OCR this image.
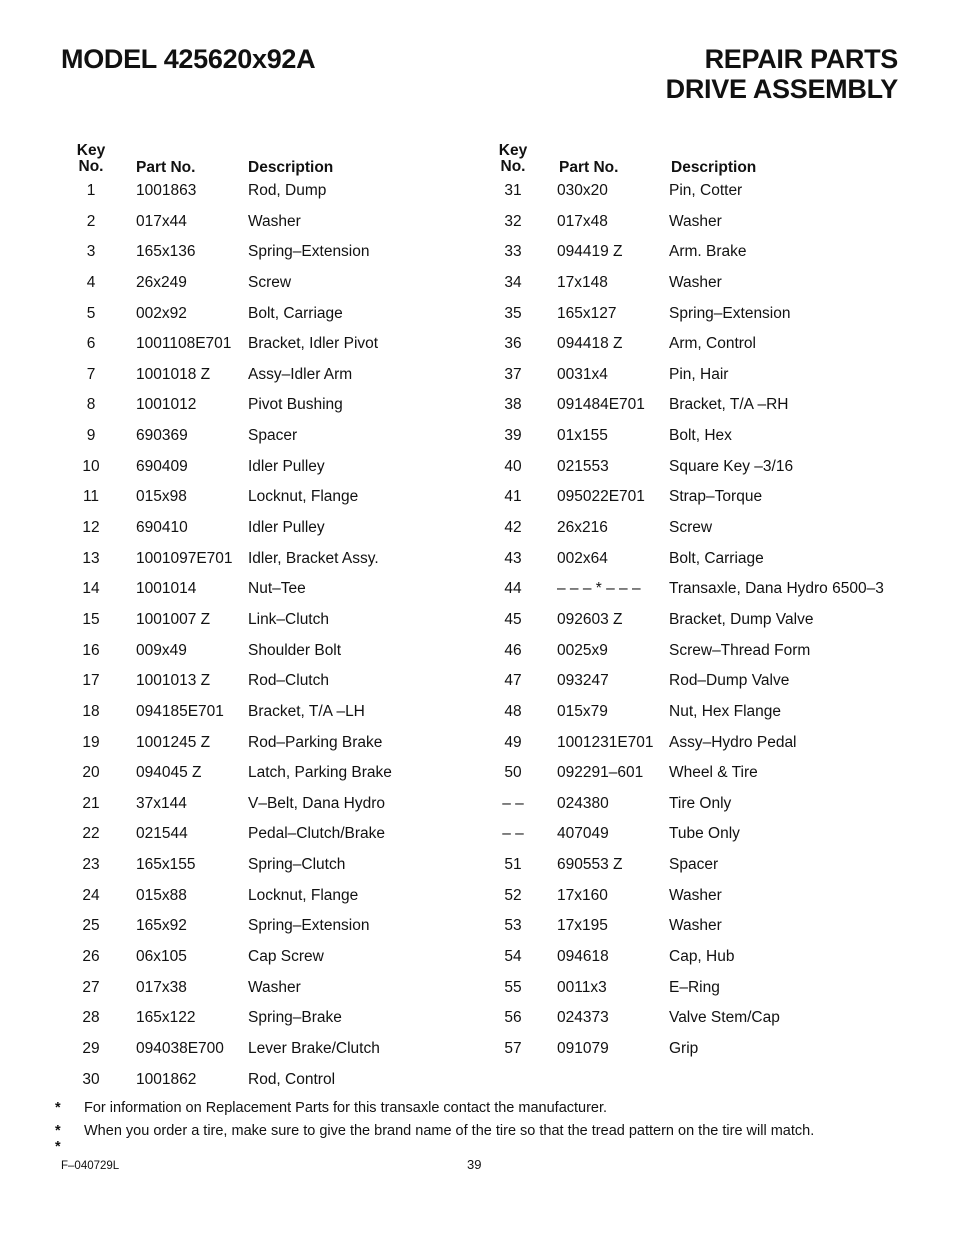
MODEL 425620x92A	REPAIR PARTS
DRIVE ASSEMBLY
Key
No.	Part No.	Description
1	1001863	Rod, Dump
2	017x44	Washer
3	165x136	Spring–Extension
4	26x249	Screw
5	002x92	Bolt, Carriage
6	1001108E701 Bracket, Idler Pivot
7	1001018 Z Assy–Idler Arm
8	1001012	Pivot Bushing
9	690369	Spacer
10	690409	Idler Pulley
11	015x98	Locknut, Flange
12	690410	Idler Pulley
13	1001097E701 Idler, Bracket Assy.
14	1001014	Nut–Tee
15	1001007 Z Link–Clutch
16	009x49	Shoulder Bolt
17	1001013 Z Rod–Clutch
18	094185E701 Bracket, T/A –LH
19	1001245 Z Rod–Parking Brake
20	094045 Z	Latch, Parking Brake
21	37x144	V–Belt, Dana Hydro
22	021544	Pedal–Clutch/Brake
23	165x155	Spring–Clutch
24	015x88	Locknut, Flange
25	165x92	Spring–Extension
26	06x105	Cap Screw
27	017x38	Washer
28	165x122	Spring–Brake
29	094038E700 Lever Brake/Clutch
30	1001862	Rod, Control
Key
No.	Part No.	Description
31	030x20	Pin, Cotter
32	017x48	Washer
33	094419 Z	Arm. Brake
34	17x148	Washer
35	165x127	Spring–Extension
36	094418 Z	Arm, Control
37	0031x4	Pin, Hair
38	091484E701 Bracket, T/A –RH
39	01x155	Bolt, Hex
40	021553	Square Key –3/16
41	095022E701 Strap–Torque
42	26x216	Screw
43	002x64	Bolt, Carriage
44	– – – * – – – Transaxle, Dana Hydro 6500–3
45	092603 Z	Bracket, Dump Valve
46	0025x9	Screw–Thread Form
47	093247	Rod–Dump Valve
48	015x79	Nut, Hex Flange
49	1001231E701 Assy–Hydro Pedal
50	092291–601 Wheel & Tire
– –	024380	Tire Only
– –	407049	Tube Only
51	690553 Z	Spacer
52	17x160	Washer
53	17x195	Washer
54	094618	Cap, Hub
55	0011x3	E–Ring
56	024373	Valve Stem/Cap
57	091079	Grip
* For information on Replacement Parts for this transaxle contact the manufacturer.
* *
When you order a tire, make sure to give the brand name of the tire so that the tread pattern on the tire will match.
F–040729L	39
